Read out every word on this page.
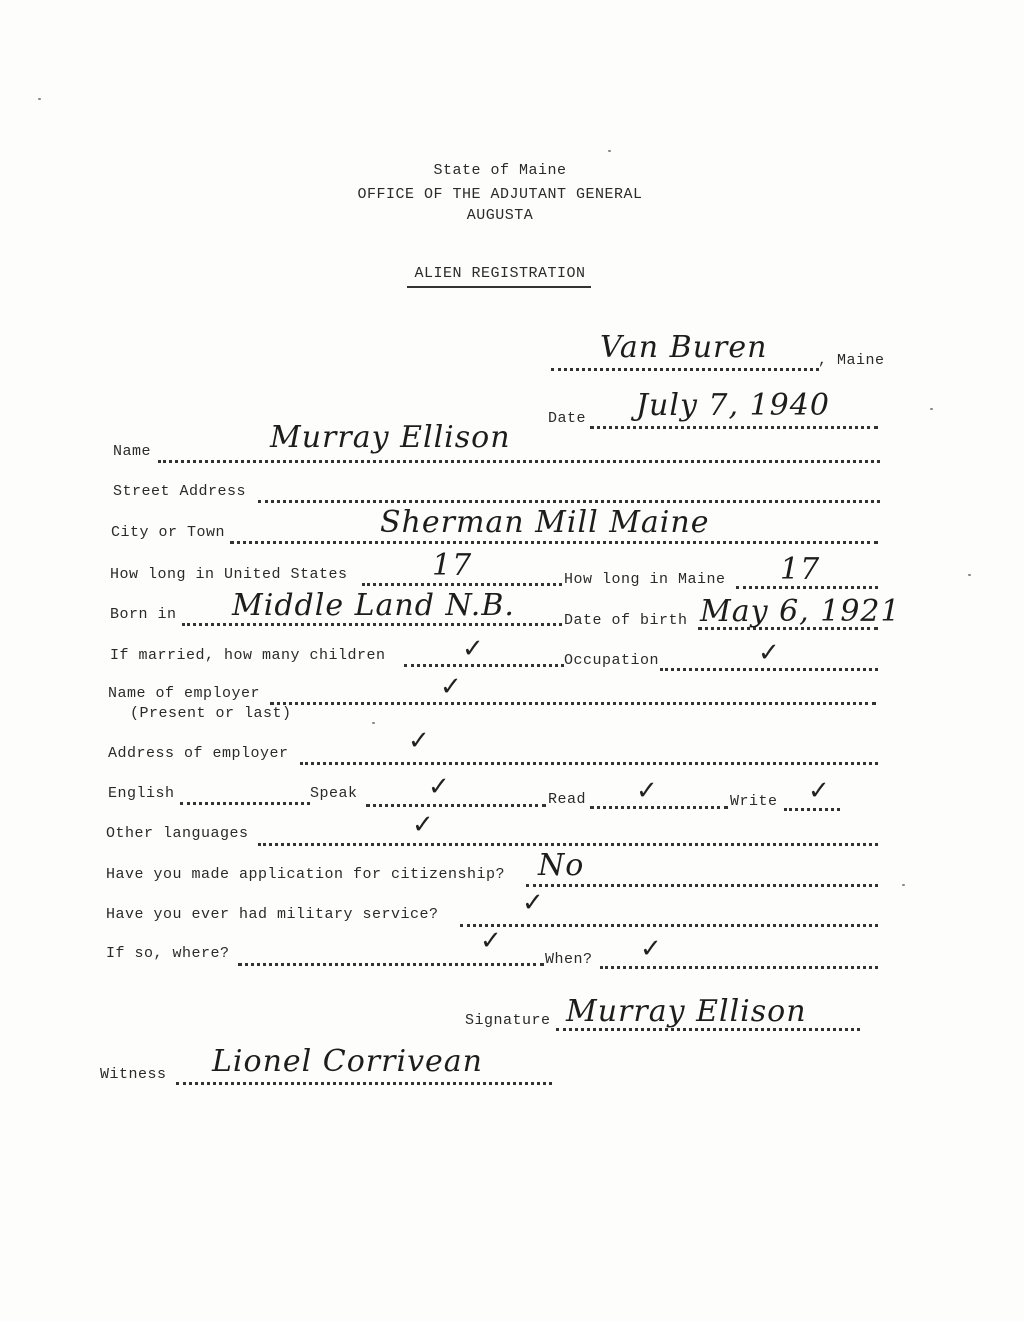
State of Maine
OFFICE OF THE ADJUTANT GENERAL
AUGUSTA
ALIEN REGISTRATION
Van Buren	, Maine
Date July 7, 1940
Name	Murray Ellison
Street Address
City or Town	Sherman Mill Maine
How long in United States	17	How long in Maine 17
Born in Middle Land N.B.	Date of birth May 6, 1921
If married, how many children	✓	Occupation	✓
Name of employer
(Present or last)
✓
Address of employer	✓
English	Speak	✓	Read ✓	Write ✓
Other languages	✓
Have you made application for citizenship? No
Have you ever had military service?	✓
If so, where?	✓
When? ✓
Signature Murray Ellison
Witness Lionel Corrivean
